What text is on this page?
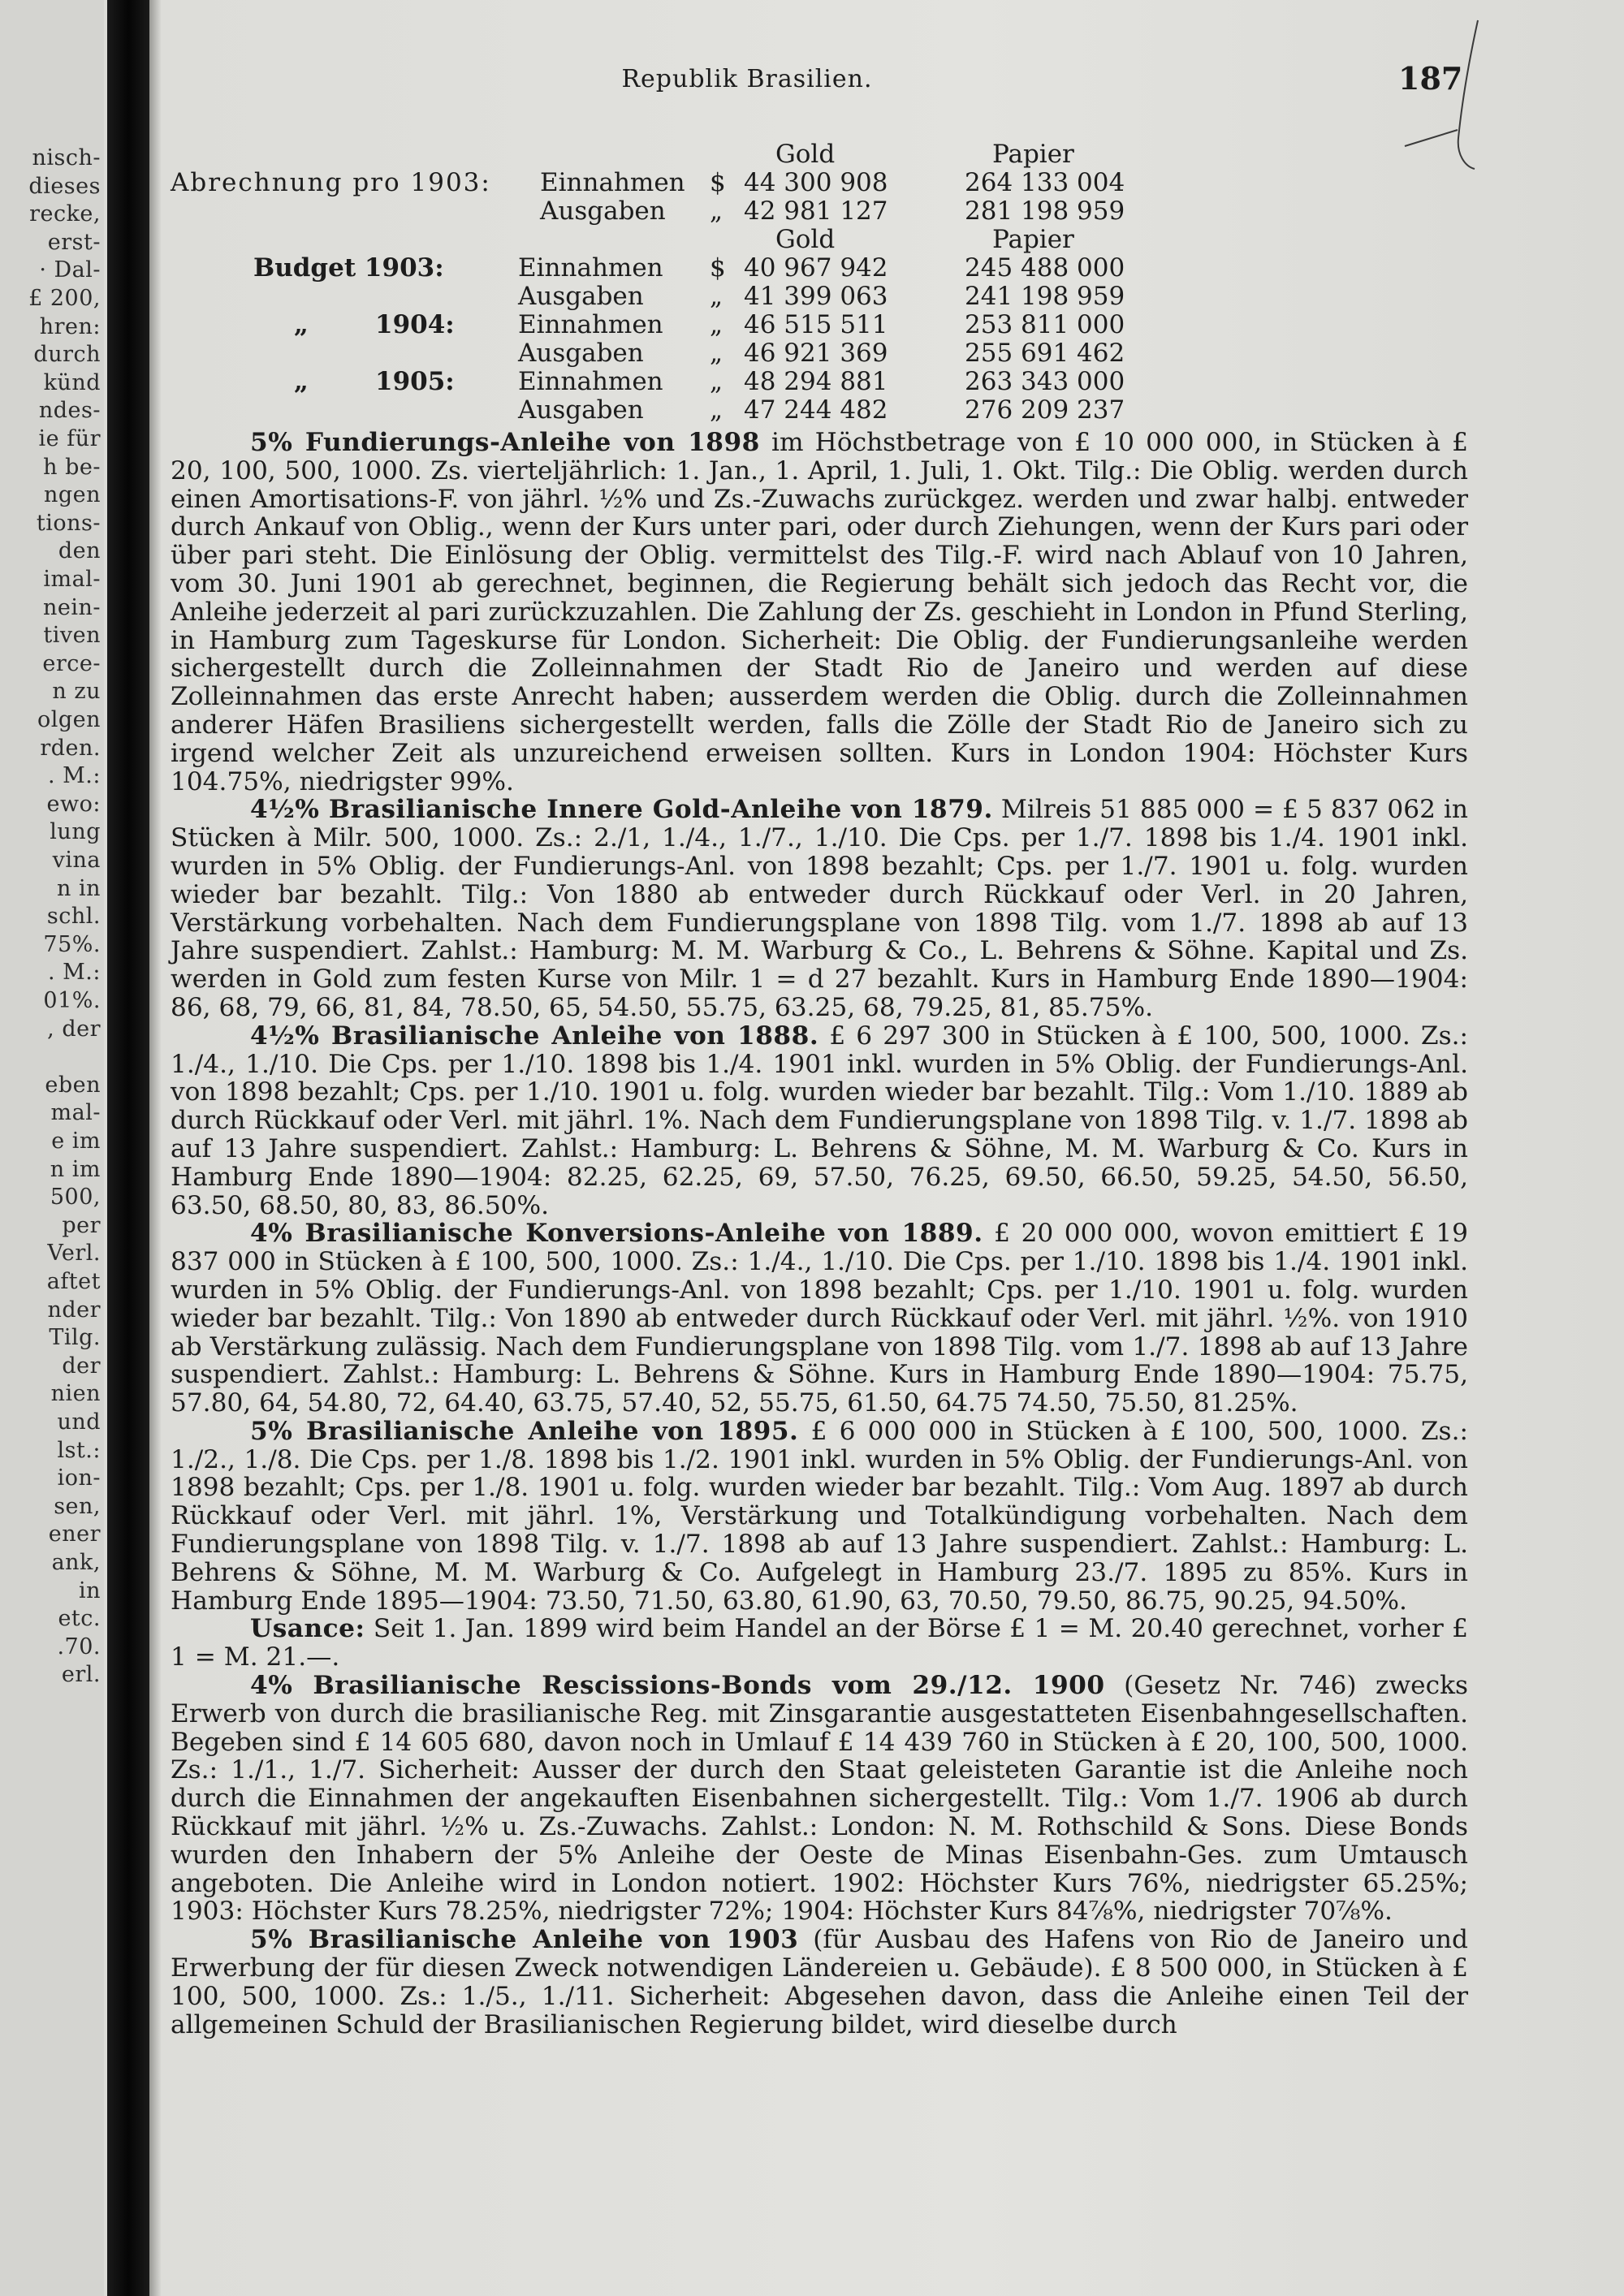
nisch-
dieses
recke,
erst-
· Dal-
£ 200,
hren:
durch
künd
ndes-
ie für
h be-
ngen
tions-
den
imal-
nein-
tiven
erce-
n zu
olgen
rden.
. M.:
ewo:
lung
vina
n in
schl.
75%.
. M.:
01%.
, der
eben
mal-
e im
n im
500,
per
Verl.
aftet
nder
Tilg.
der
nien
und
lst.:
ion-
sen,
ener
ank,
in
etc.
.70.
erl.
Republik Brasilien.	187
Gold	Papier
Abrechnung pro 1903: Einnahmen $ 44 300 908	264 133 004
Ausgaben „ 42 981 127	281 198 959
Gold	Papier
Budget 1903:	Einnahmen $ 40 967 942	245 488 000
Ausgaben	„ 41 399 063	241 198 959
„	1904:	Einnahmen „ 46 515 511	253 811 000
Ausgaben	„ 46 921 369	255 691 462
„	1905:	Einnahmen „ 48 294 881	263 343 000
Ausgaben	„ 47 244 482	276 209 237

5% Fundierungs-Anleihe von 1898 im Höchstbetrage von £ 10 000 000, in Stücken à £ 20, 100, 500, 1000. Zs. vierteljährlich: 1. Jan., 1. April, 1. Juli, 1. Okt. Tilg.: Die Oblig. werden durch einen Amortisations-F. von jährl. ½% und Zs.-Zuwachs zurückgez. werden und zwar halbj. entweder durch Ankauf von Oblig., wenn der Kurs unter pari, oder durch Ziehungen, wenn der Kurs pari oder über pari steht. Die Einlösung der Oblig. vermittelst des Tilg.-F. wird nach Ablauf von 10 Jahren, vom 30. Juni 1901 ab gerechnet, beginnen, die Regierung behält sich jedoch das Recht vor, die Anleihe jederzeit al pari zurückzuzahlen. Die Zahlung der Zs. geschieht in London in Pfund Sterling, in Hamburg zum Tageskurse für London. Sicherheit: Die Oblig. der Fundierungsanleihe werden sichergestellt durch die Zolleinnahmen der Stadt Rio de Janeiro und werden auf diese Zolleinnahmen das erste Anrecht haben; ausserdem werden die Oblig. durch die Zolleinnahmen anderer Häfen Brasiliens sichergestellt werden, falls die Zölle der Stadt Rio de Janeiro sich zu irgend welcher Zeit als unzureichend erweisen sollten. Kurs in London 1904: Höchster Kurs 104.75%, niedrigster 99%.

4½% Brasilianische Innere Gold-Anleihe von 1879. Milreis 51 885 000 = £ 5 837 062 in Stücken à Milr. 500, 1000. Zs.: 2./1, 1./4., 1./7., 1./10. Die Cps. per 1./7. 1898 bis 1./4. 1901 inkl. wurden in 5% Oblig. der Fundierungs-Anl. von 1898 bezahlt; Cps. per 1./7. 1901 u. folg. wurden wieder bar bezahlt. Tilg.: Von 1880 ab entweder durch Rückkauf oder Verl. in 20 Jahren, Verstärkung vorbehalten. Nach dem Fundierungsplane von 1898 Tilg. vom 1./7. 1898 ab auf 13 Jahre suspendiert. Zahlst.: Hamburg: M. M. Warburg & Co., L. Behrens & Söhne. Kapital und Zs. werden in Gold zum festen Kurse von Milr. 1 = d 27 bezahlt. Kurs in Hamburg Ende 1890—1904: 86, 68, 79, 66, 81, 84, 78.50, 65, 54.50, 55.75, 63.25, 68, 79.25, 81, 85.75%.

4½% Brasilianische Anleihe von 1888. £ 6 297 300 in Stücken à £ 100, 500, 1000. Zs.: 1./4., 1./10. Die Cps. per 1./10. 1898 bis 1./4. 1901 inkl. wurden in 5% Oblig. der Fundierungs-Anl. von 1898 bezahlt; Cps. per 1./10. 1901 u. folg. wurden wieder bar bezahlt. Tilg.: Vom 1./10. 1889 ab durch Rückkauf oder Verl. mit jährl. 1%. Nach dem Fundierungsplane von 1898 Tilg. v. 1./7. 1898 ab auf 13 Jahre suspendiert. Zahlst.: Hamburg: L. Behrens & Söhne, M. M. Warburg & Co. Kurs in Hamburg Ende 1890—1904: 82.25, 62.25, 69, 57.50, 76.25, 69.50, 66.50, 59.25, 54.50, 56.50, 63.50, 68.50, 80, 83, 86.50%.

4% Brasilianische Konversions-Anleihe von 1889. £ 20 000 000, wovon emittiert £ 19 837 000 in Stücken à £ 100, 500, 1000. Zs.: 1./4., 1./10. Die Cps. per 1./10. 1898 bis 1./4. 1901 inkl. wurden in 5% Oblig. der Fundierungs-Anl. von 1898 bezahlt; Cps. per 1./10. 1901 u. folg. wurden wieder bar bezahlt. Tilg.: Von 1890 ab entweder durch Rückkauf oder Verl. mit jährl. ½%. von 1910 ab Verstärkung zulässig. Nach dem Fundierungsplane von 1898 Tilg. vom 1./7. 1898 ab auf 13 Jahre suspendiert. Zahlst.: Hamburg: L. Behrens & Söhne. Kurs in Hamburg Ende 1890—1904: 75.75, 57.80, 64, 54.80, 72, 64.40, 63.75, 57.40, 52, 55.75, 61.50, 64.75 74.50, 75.50, 81.25%.

5% Brasilianische Anleihe von 1895. £ 6 000 000 in Stücken à £ 100, 500, 1000. Zs.: 1./2., 1./8. Die Cps. per 1./8. 1898 bis 1./2. 1901 inkl. wurden in 5% Oblig. der Fundierungs-Anl. von 1898 bezahlt; Cps. per 1./8. 1901 u. folg. wurden wieder bar bezahlt. Tilg.: Vom Aug. 1897 ab durch Rückkauf oder Verl. mit jährl. 1%, Verstärkung und Totalkündigung vorbehalten. Nach dem Fundierungsplane von 1898 Tilg. v. 1./7. 1898 ab auf 13 Jahre suspendiert. Zahlst.: Hamburg: L. Behrens & Söhne, M. M. Warburg & Co. Aufgelegt in Hamburg 23./7. 1895 zu 85%. Kurs in Hamburg Ende 1895—1904: 73.50, 71.50, 63.80, 61.90, 63, 70.50, 79.50, 86.75, 90.25, 94.50%.

Usance: Seit 1. Jan. 1899 wird beim Handel an der Börse £ 1 = M. 20.40 gerechnet, vorher £ 1 = M. 21.—.

4% Brasilianische Rescissions-Bonds vom 29./12. 1900 (Gesetz Nr. 746) zwecks Erwerb von durch die brasilianische Reg. mit Zinsgarantie ausgestatteten Eisenbahngesellschaften. Begeben sind £ 14 605 680, davon noch in Umlauf £ 14 439 760 in Stücken à £ 20, 100, 500, 1000. Zs.: 1./1., 1./7. Sicherheit: Ausser der durch den Staat geleisteten Garantie ist die Anleihe noch durch die Einnahmen der angekauften Eisenbahnen sichergestellt. Tilg.: Vom 1./7. 1906 ab durch Rückkauf mit jährl. ½% u. Zs.-Zuwachs. Zahlst.: London: N. M. Rothschild & Sons. Diese Bonds wurden den Inhabern der 5% Anleihe der Oeste de Minas Eisenbahn-Ges. zum Umtausch angeboten. Die Anleihe wird in London notiert. 1902: Höchster Kurs 76%, niedrigster 65.25%; 1903: Höchster Kurs 78.25%, niedrigster 72%; 1904: Höchster Kurs 84⅞%, niedrigster 70⅞%.

5% Brasilianische Anleihe von 1903 (für Ausbau des Hafens von Rio de Janeiro und Erwerbung der für diesen Zweck notwendigen Ländereien u. Gebäude). £ 8 500 000, in Stücken à £ 100, 500, 1000. Zs.: 1./5., 1./11. Sicherheit: Abgesehen davon, dass die Anleihe einen Teil der allgemeinen Schuld der Brasilianischen Regierung bildet, wird dieselbe durch
